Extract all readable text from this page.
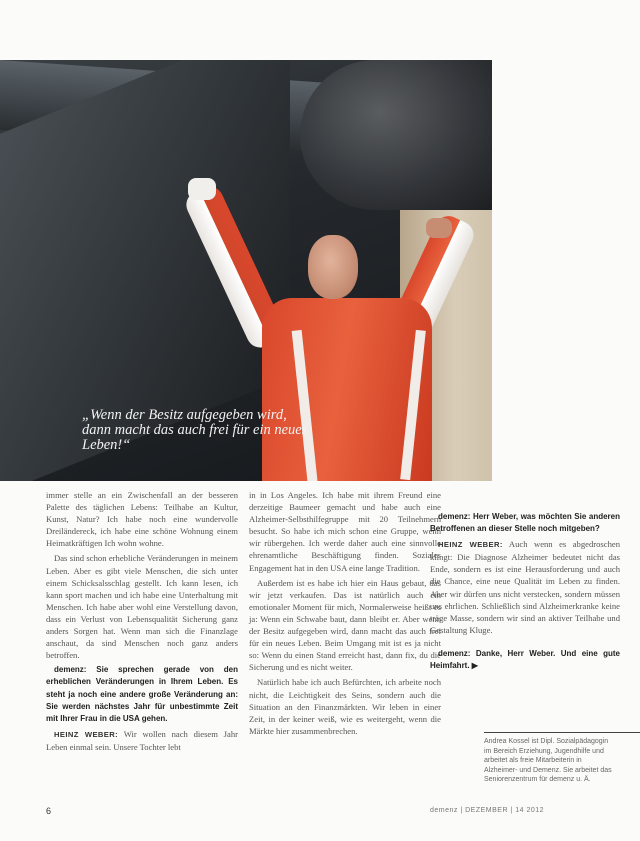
„Wenn der Besitz aufgegeben wird, dann macht das auch frei für ein neues Leben!“

immer stelle an ein Zwischenfall an der besseren Palette des täglichen Lebens: Teilhabe an Kultur, Kunst, Natur? Ich habe noch eine wundervolle Dreiländereck, ich habe eine schöne Wohnung einem Heimatkräftigen Ich wohn wohne.

Das sind schon erhebliche Veränderungen in meinem Leben. Aber es gibt viele Menschen, die sich unter einem Schicksalsschlag gestellt. Ich kann lesen, ich kann sport machen und ich habe eine Unterhaltung mit Menschen. Ich habe aber wohl eine Verstellung davon, dass ein Verlust von Lebensqualität Sicherung ganz anders Sorgen hat. Wenn man sich die Finanzlage anschaut, da sind Menschen noch ganz anders betroffen.

demenz: Sie sprechen gerade von den erheblichen Veränderungen in Ihrem Leben. Es steht ja noch eine andere große Veränderung an: Sie werden nächstes Jahr für unbestimmte Zeit mit Ihrer Frau in die USA gehen.

HEINZ WEBER: Wir wollen nach diesem Jahr Leben einmal sein. Unsere Tochter lebt

in in Los Angeles. Ich habe mit ihrem Freund eine derzeitige Baumeer gemacht und habe auch eine Alzheimer-Selbsthilfegruppe mit 20 Teilnehmern besucht. So habe ich mich schon eine Gruppe, wenn wir rübergehen. Ich werde daher auch eine sinnvolle ehrenamtliche Beschäftigung finden. Soziales Engagement hat in den USA eine lange Tradition.

Außerdem ist es habe ich hier ein Haus gebaut, das wir jetzt verkaufen. Das ist natürlich auch ein emotionaler Moment für mich, Normalerweise heißt es ja: Wenn ein Schwabe baut, dann bleibt er. Aber wenn der Besitz aufgegeben wird, dann macht das auch frei für ein neues Leben. Beim Umgang mit ist es ja nicht so: Wenn du einen Stand erreicht hast, dann fix, du die Sicherung und es nicht weiter.

Natürlich habe ich auch Befürchten, ich arbeite noch nicht, die Leichtigkeit des Seins, sondern auch die Situation an den Finanzmärkten. Wir leben in einer Zeit, in der keiner weiß, wie es weitergeht, wenn die Märkte hier zusammenbrechen.

demenz: Herr Weber, was möchten Sie anderen Betroffenen an dieser Stelle noch mitgeben?

HEINZ WEBER: Auch wenn es abgedroschen klingt: Die Diagnose Alzheimer bedeutet nicht das Ende, sondern es ist eine Herausforderung und auch die Chance, eine neue Qualität im Leben zu finden. Aber wir dürfen uns nicht verstecken, sondern müssen uns ehrlichen. Schließlich sind Alzheimerkranke keine träge Masse, sondern wir sind an aktiver Teilhabe und Gestaltung Kluge.

demenz: Danke, Herr Weber. Und eine gute Heimfahrt. ▶

Andrea Kossel ist Dipl. Sozialpädagogin im Bereich Erziehung, Jugendhilfe und arbeitet als freie Mitarbeiterin in Alzheimer- und Demenz. Sie arbeitet das Seniorenzentrum für demenz u. Ä.
6	demenz | DEZEMBER | 14 2012
